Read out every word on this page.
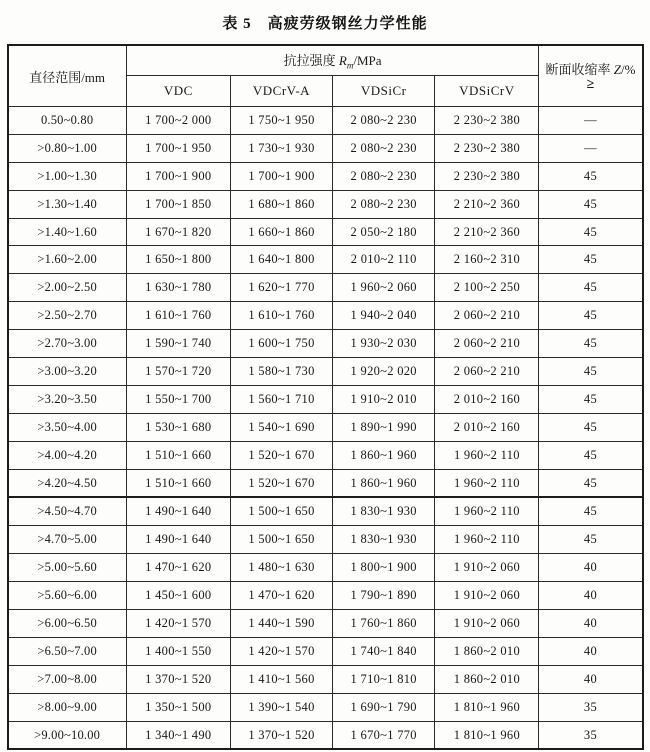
表 5　高疲劳级钢丝力学性能

直径范围/mm	抗拉强度 $R_m$/MPa				断面收缩率 Z/%
≥

	VDC	VDCrV-A	VDSiCr	VDSiCrV	
0.50~0.80	1 700~2 000	1 750~1 950	2 080~2 230	2 230~2 380	—
>0.80~1.00	1 700~1 950	1 730~1 930	2 080~2 230	2 230~2 380	—
>1.00~1.30	1 700~1 900	1 700~1 900	2 080~2 230	2 230~2 380	45
>1.30~1.40	1 700~1 850	1 680~1 860	2 080~2 230	2 210~2 360	45
>1.40~1.60	1 670~1 820	1 660~1 860	2 050~2 180	2 210~2 360	45
>1.60~2.00	1 650~1 800	1 640~1 800	2 010~2 110	2 160~2 310	45
>2.00~2.50	1 630~1 780	1 620~1 770	1 960~2 060	2 100~2 250	45
>2.50~2.70	1 610~1 760	1 610~1 760	1 940~2 040	2 060~2 210	45
>2.70~3.00	1 590~1 740	1 600~1 750	1 930~2 030	2 060~2 210	45
>3.00~3.20	1 570~1 720	1 580~1 730	1 920~2 020	2 060~2 210	45
>3.20~3.50	1 550~1 700	1 560~1 710	1 910~2 010	2 010~2 160	45
>3.50~4.00	1 530~1 680	1 540~1 690	1 890~1 990	2 010~2 160	45
>4.00~4.20	1 510~1 660	1 520~1 670	1 860~1 960	1 960~2 110	45
>4.20~4.50	1 510~1 660	1 520~1 670	1 860~1 960	1 960~2 110	45
>4.50~4.70	1 490~1 640	1 500~1 650	1 830~1 930	1 960~2 110	45
>4.70~5.00	1 490~1 640	1 500~1 650	1 830~1 930	1 960~2 110	45
>5.00~5.60	1 470~1 620	1 480~1 630	1 800~1 900	1 910~2 060	40
>5.60~6.00	1 450~1 600	1 470~1 620	1 790~1 890	1 910~2 060	40
>6.00~6.50	1 420~1 570	1 440~1 590	1 760~1 860	1 910~2 060	40
>6.50~7.00	1 400~1 550	1 420~1 570	1 740~1 840	1 860~2 010	40
>7.00~8.00	1 370~1 520	1 410~1 560	1 710~1 810	1 860~2 010	40
>8.00~9.00	1 350~1 500	1 390~1 540	1 690~1 790	1 810~1 960	35
>9.00~10.00	1 340~1 490	1 370~1 520	1 670~1 770	1 810~1 960	35
